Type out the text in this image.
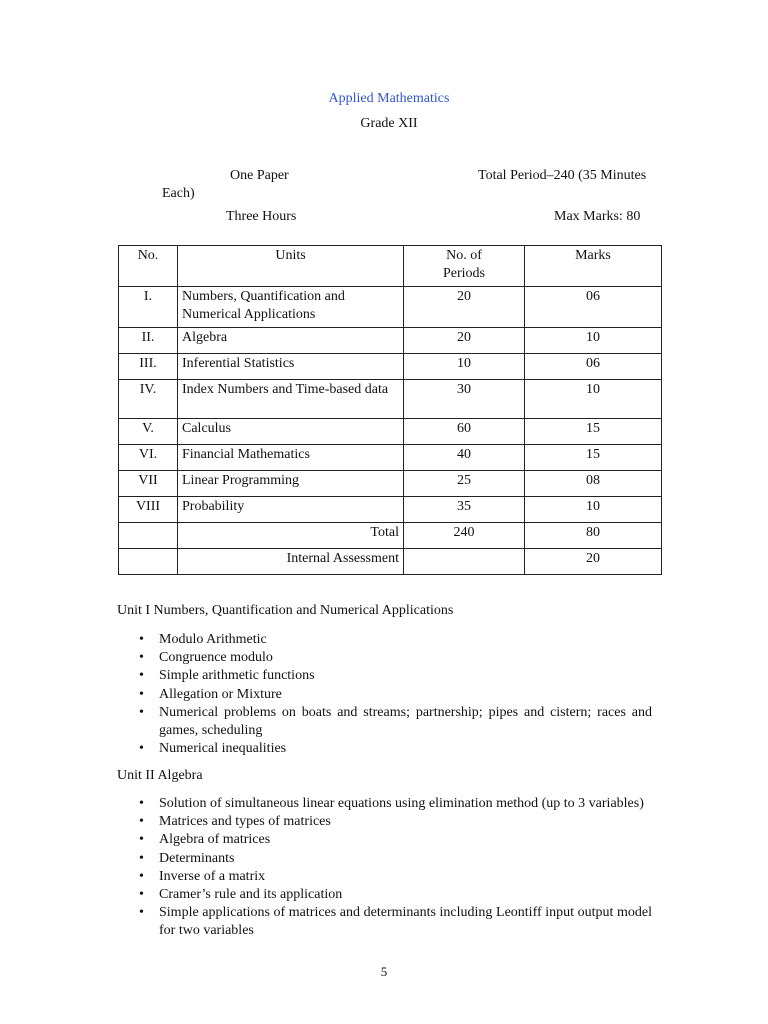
Applied Mathematics
Grade XII
One Paper	Total Period–240 (35 Minutes
Each)
Three Hours	Max Marks: 80
No.	Units	No. of Periods	Marks
I.	Numbers, Quantification and Numerical Applications	20	06
II.	Algebra	20	10
III.	Inferential Statistics	10	06
IV.	Index Numbers and Time-based data	30	10
V.	Calculus	60	15
VI.	Financial Mathematics	40	15
VII	Linear Programming	25	08
VIII	Probability	35	10
	Total	240	80
	Internal Assessment		20
Unit I Numbers, Quantification and Numerical Applications
• Modulo Arithmetic
• Congruence modulo
• Simple arithmetic functions
• Allegation or Mixture
• Numerical problems on boats and streams; partnership; pipes and cistern; races and games, scheduling
• Numerical inequalities
Unit II Algebra
• Solution of simultaneous linear equations using elimination method (up to 3 variables)
• Matrices and types of matrices
• Algebra of matrices
• Determinants
• Inverse of a matrix
• Cramer’s rule and its application
• Simple applications of matrices and determinants including Leontiff input output model for two variables
5
